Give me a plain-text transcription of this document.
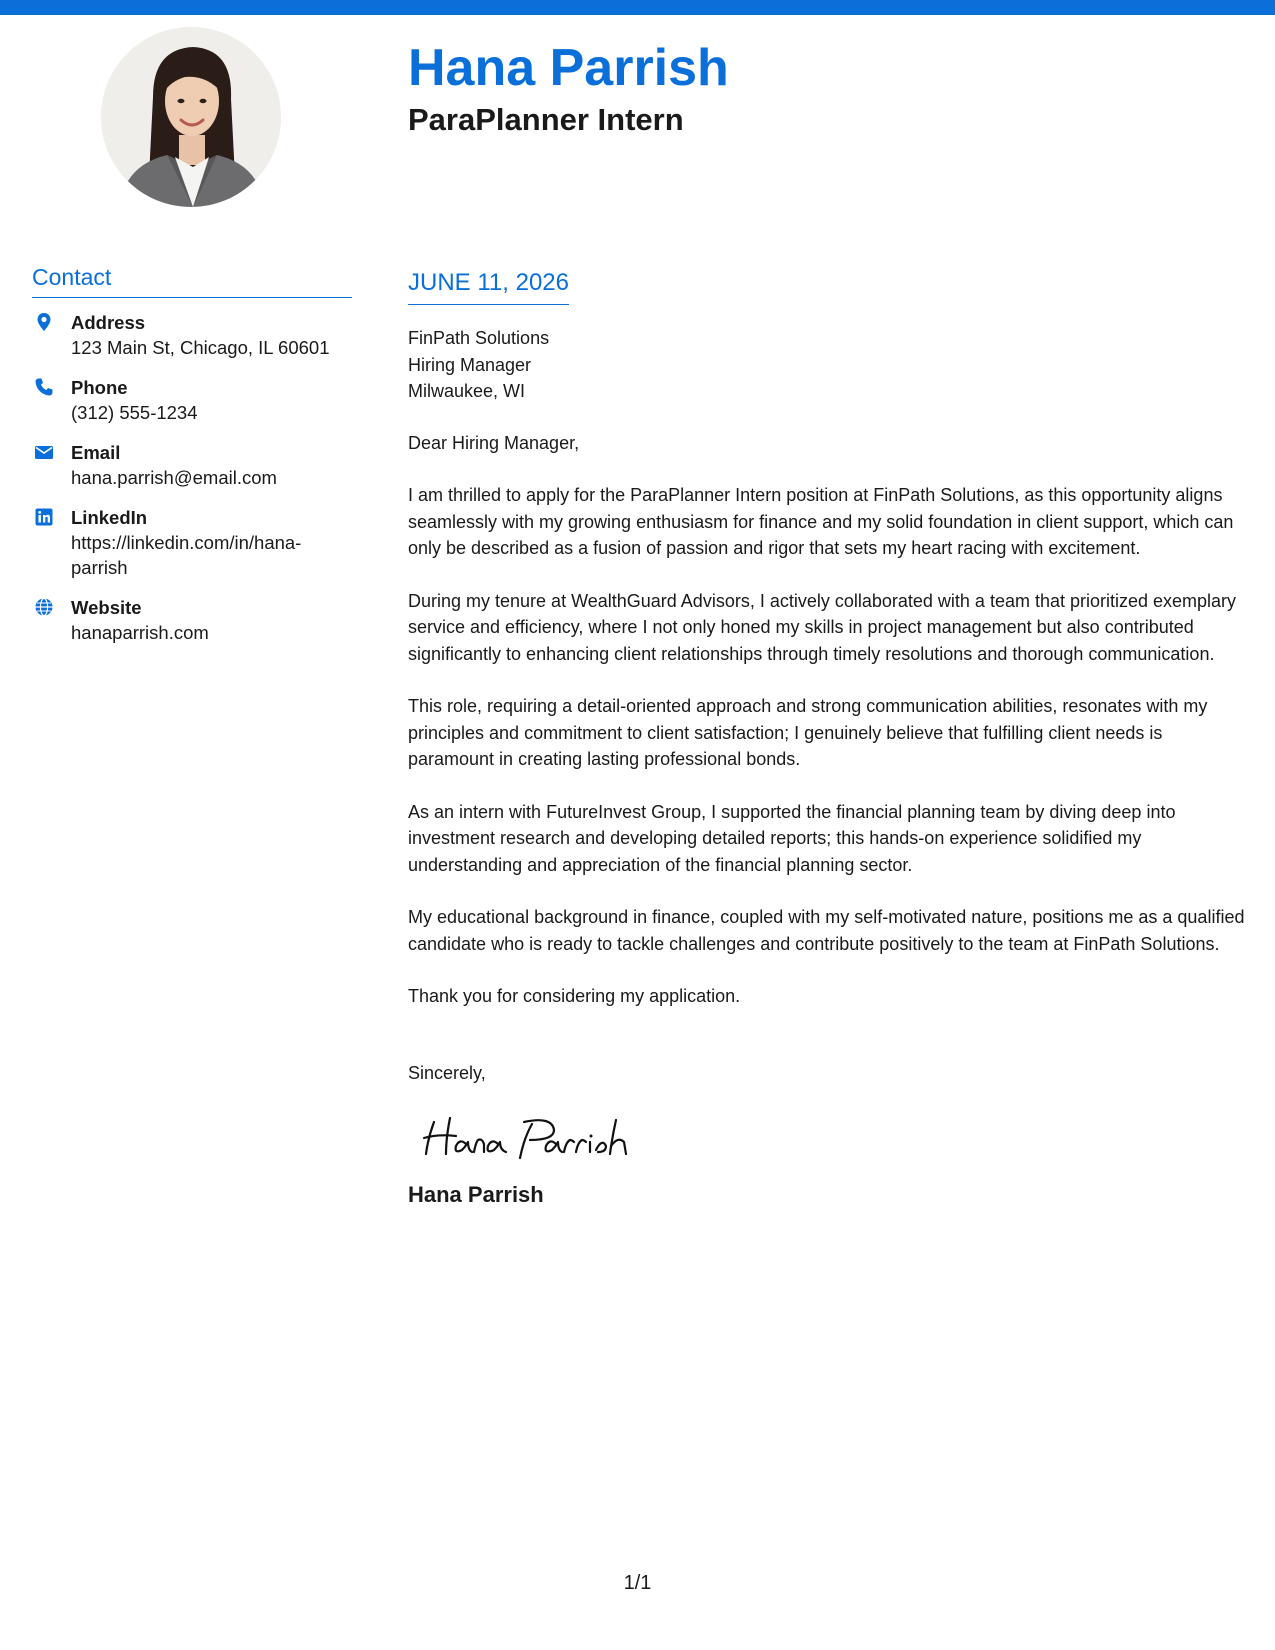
Hana Parrish
ParaPlanner Intern
Contact
Address
123 Main St, Chicago, IL 60601
Phone
(312) 555-1234
Email
hana.parrish@email.com
LinkedIn
https://linkedin.com/in/hana-parrish
Website
hanaparrish.com
JUNE 11, 2026
FinPath Solutions
Hiring Manager
Milwaukee, WI
Dear Hiring Manager,

I am thrilled to apply for the ParaPlanner Intern position at FinPath Solutions, as this opportunity aligns seamlessly with my growing enthusiasm for finance and my solid foundation in client support, which can only be described as a fusion of passion and rigor that sets my heart racing with excitement.

During my tenure at WealthGuard Advisors, I actively collaborated with a team that prioritized exemplary service and efficiency, where I not only honed my skills in project management but also contributed significantly to enhancing client relationships through timely resolutions and thorough communication.

This role, requiring a detail-oriented approach and strong communication abilities, resonates with my principles and commitment to client satisfaction; I genuinely believe that fulfilling client needs is paramount in creating lasting professional bonds.

As an intern with FutureInvest Group, I supported the financial planning team by diving deep into investment research and developing detailed reports; this hands-on experience solidified my understanding and appreciation of the financial planning sector.

My educational background in finance, coupled with my self-motivated nature, positions me as a qualified candidate who is ready to tackle challenges and contribute positively to the team at FinPath Solutions.

Thank you for considering my application.

Sincerely,
Hana Parrish
1/1
